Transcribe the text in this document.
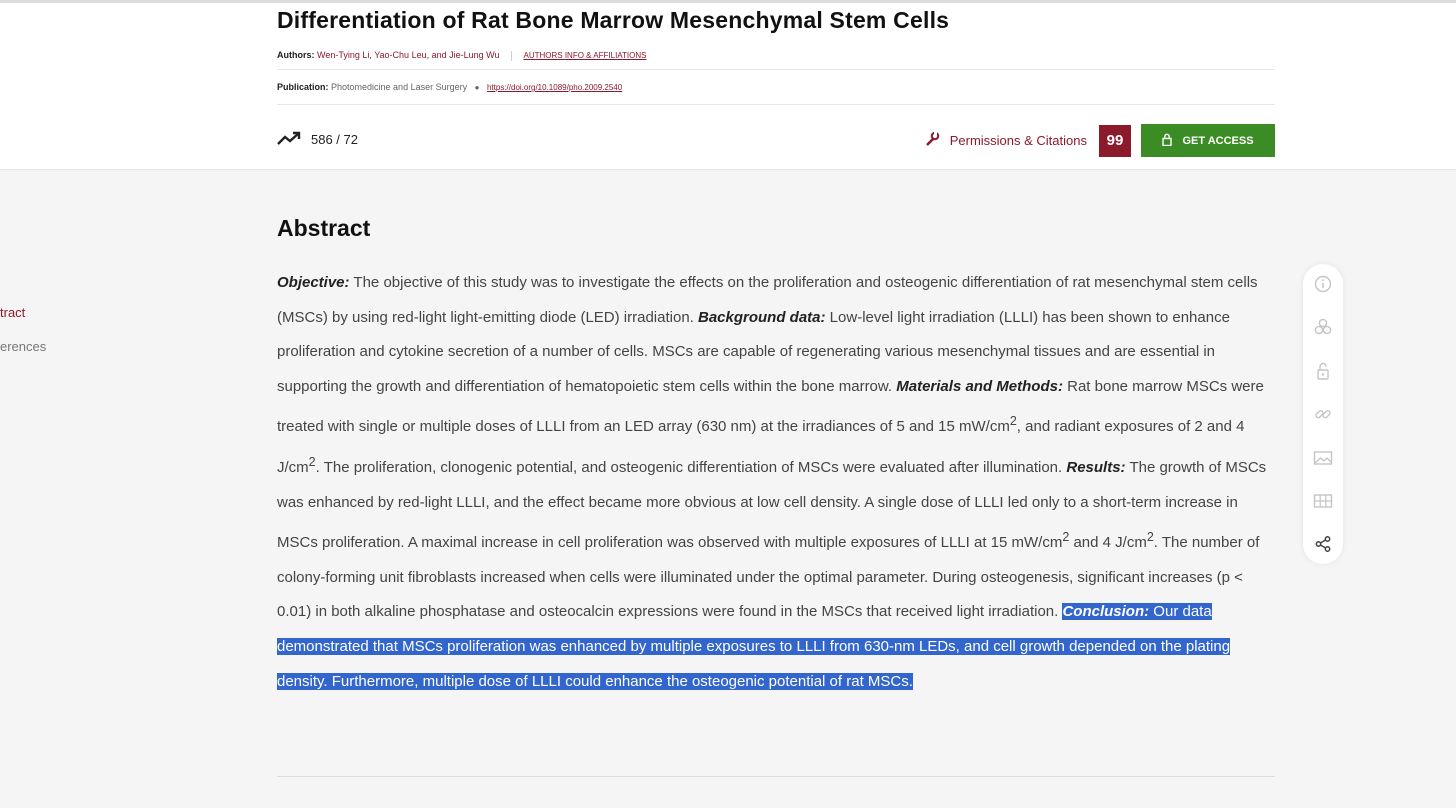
Differentiation of Rat Bone Marrow Mesenchymal Stem Cells
Authors: Wen-Tying Li, Yao-Chu Leu, and Jie-Lung Wu	AUTHORS INFO & AFFILIATIONS
Publication: Photomedicine and Laser Surgery ● https://doi.org/10.1089/pho.2009.2540
586 / 72	Permissions & Citations 99	GET ACCESS
tract
erences
Abstract

Objective: The objective of this study was to investigate the effects on the proliferation and osteogenic differentiation of rat mesenchymal stem cells (MSCs) by using red-light light-emitting diode (LED) irradiation. Background data: Low-level light irradiation (LLLI) has been shown to enhance proliferation and cytokine secretion of a number of cells. MSCs are capable of regenerating various mesenchymal tissues and are essential in supporting the growth and differentiation of hematopoietic stem cells within the bone marrow. Materials and Methods: Rat bone marrow MSCs were treated with single or multiple doses of LLLI from an LED array (630 nm) at the irradiances of 5 and 15 $mW/cm^2$, and radiant exposures of 2 and 4 $J/cm^2$. The proliferation, clonogenic potential, and osteogenic differentiation of MSCs were evaluated after illumination. Results: The growth of MSCs was enhanced by red-light LLLI, and the effect became more obvious at low cell density. A single dose of LLLI led only to a short-term increase in MSCs proliferation. A maximal increase in cell proliferation was observed with multiple exposures of LLLI at 15 $mW/cm^2$ and 4 $J/cm^2$. The number of colony-forming unit fibroblasts increased when cells were illuminated under the optimal parameter. During osteogenesis, significant increases (p < 0.01) in both alkaline phosphatase and osteocalcin expressions were found in the MSCs that received light irradiation. Conclusion: Our data demonstrated that MSCs proliferation was enhanced by multiple exposures to LLLI from 630-nm LEDs, and cell growth depended on the plating density. Furthermore, multiple dose of LLLI could enhance the osteogenic potential of rat MSCs.
